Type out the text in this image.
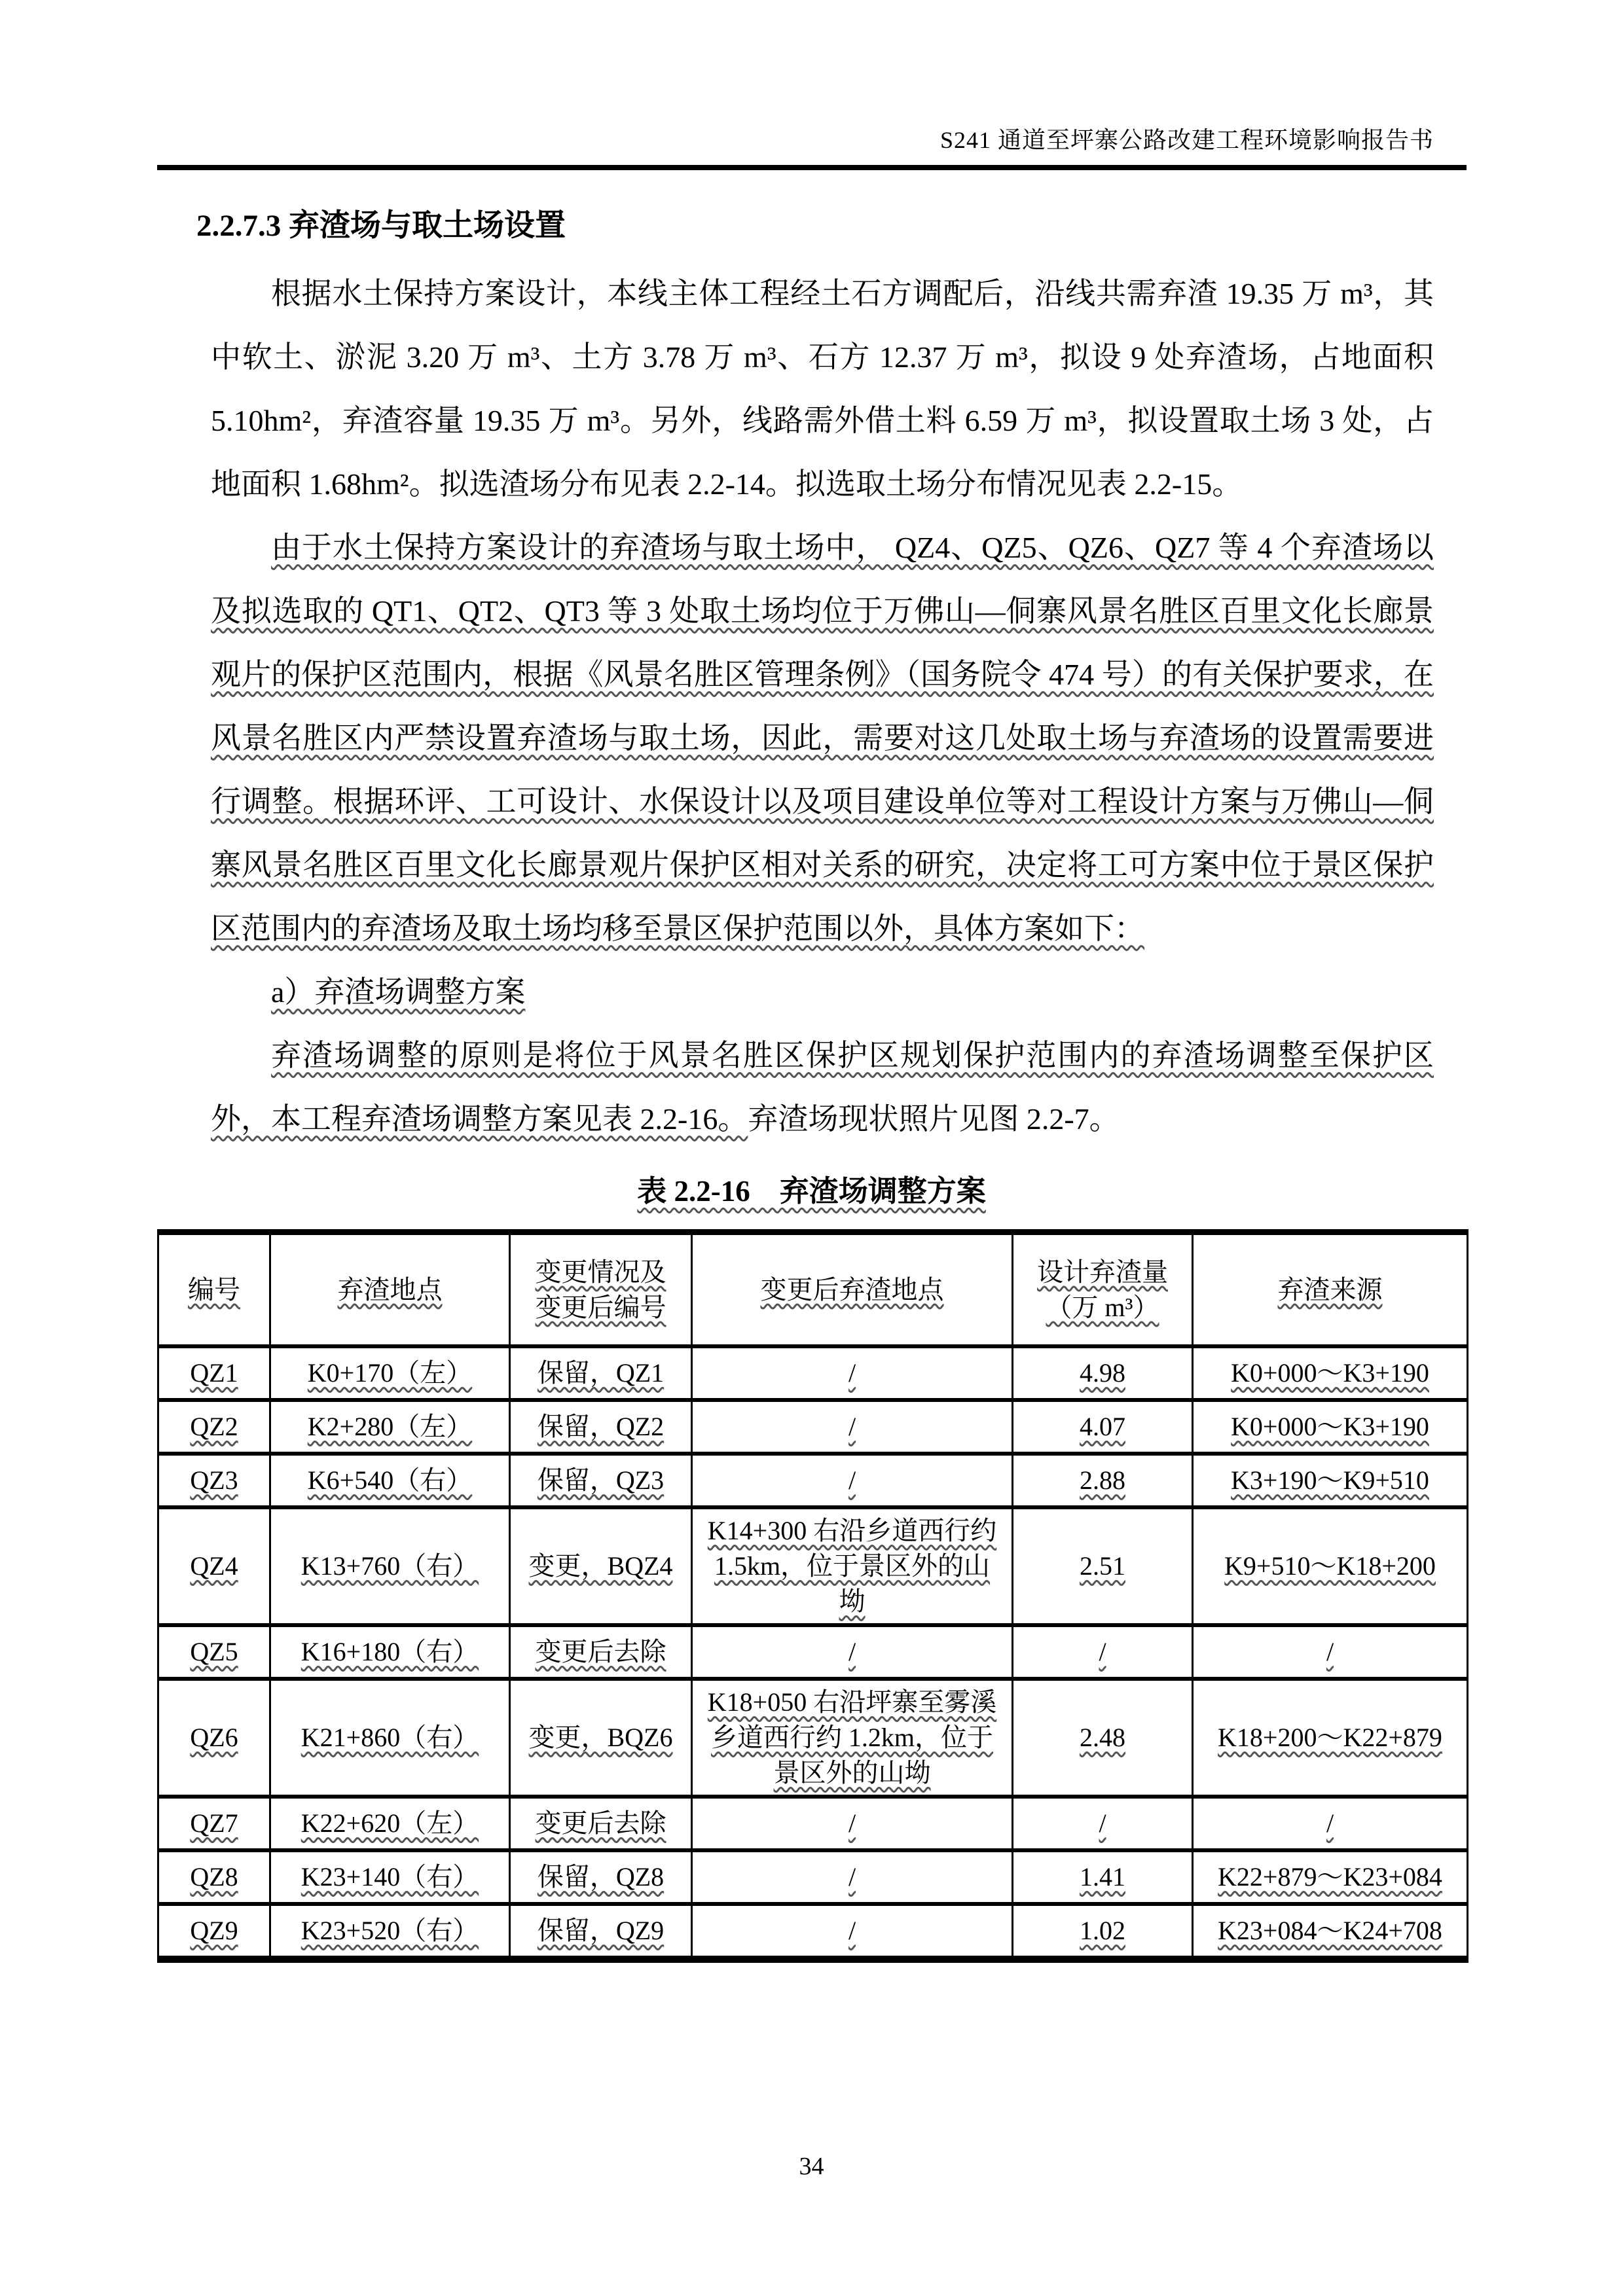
S241 通道至坪寨公路改建工程环境影响报告书
2.2.7.3 弃渣场与取土场设置

根据水土保持方案设计，本线主体工程经土石方调配后，沿线共需弃渣 19.35 万 m³，其中软土、淤泥 3.20 万 m³、土方 3.78 万 m³、石方 12.37 万 m³，拟设 9 处弃渣场，占地面积 5.10hm²，弃渣容量 19.35 万 m³。另外，线路需外借土料 6.59 万 m³，拟设置取土场 3 处，占地面积 1.68hm²。拟选渣场分布见表 2.2-14。拟选取土场分布情况见表 2.2-15。

由于水土保持方案设计的弃渣场与取土场中， QZ4、QZ5、QZ6、QZ7 等 4 个弃渣场以及拟选取的 QT1、QT2、QT3 等 3 处取土场均位于万佛山—侗寨风景名胜区百里文化长廊景观片的保护区范围内，根据《风景名胜区管理条例》（国务院令 474 号）的有关保护要求，在风景名胜区内严禁设置弃渣场与取土场，因此，需要对这几处取土场与弃渣场的设置需要进行调整。根据环评、工可设计、水保设计以及项目建设单位等对工程设计方案与万佛山—侗寨风景名胜区百里文化长廊景观片保护区相对关系的研究，决定将工可方案中位于景区保护区范围内的弃渣场及取土场均移至景区保护范围以外，具体方案如下：

a）弃渣场调整方案

弃渣场调整的原则是将位于风景名胜区保护区规划保护范围内的弃渣场调整至保护区外，本工程弃渣场调整方案见表 2.2-16。弃渣场现状照片见图 2.2-7。

表 2.2-16　弃渣场调整方案
编号	弃渣地点	变更情况及变更后编号	变更后弃渣地点	设计弃渣量（万 m³）	弃渣来源
QZ1	K0+170（左）	保留，QZ1	/	4.98	K0+000～K3+190
QZ2	K2+280（左）	保留，QZ2	/	4.07	K0+000～K3+190
QZ3	K6+540（右）	保留，QZ3	/	2.88	K3+190～K9+510
QZ4	K13+760（右）	变更，BQZ4	K14+300 右沿乡道西行约 1.5km，位于景区外的山坳	2.51	K9+510～K18+200
QZ5	K16+180（右）	变更后去除	/	/	/
QZ6	K21+860（右）	变更，BQZ6	K18+050 右沿坪寨至雾溪乡道西行约 1.2km，位于景区外的山坳	2.48	K18+200～K22+879
QZ7	K22+620（左）	变更后去除	/	/	/
QZ8	K23+140（右）	保留，QZ8	/	1.41	K22+879～K23+084
QZ9	K23+520（右）	保留，QZ9	/	1.02	K23+084～K24+708
34
